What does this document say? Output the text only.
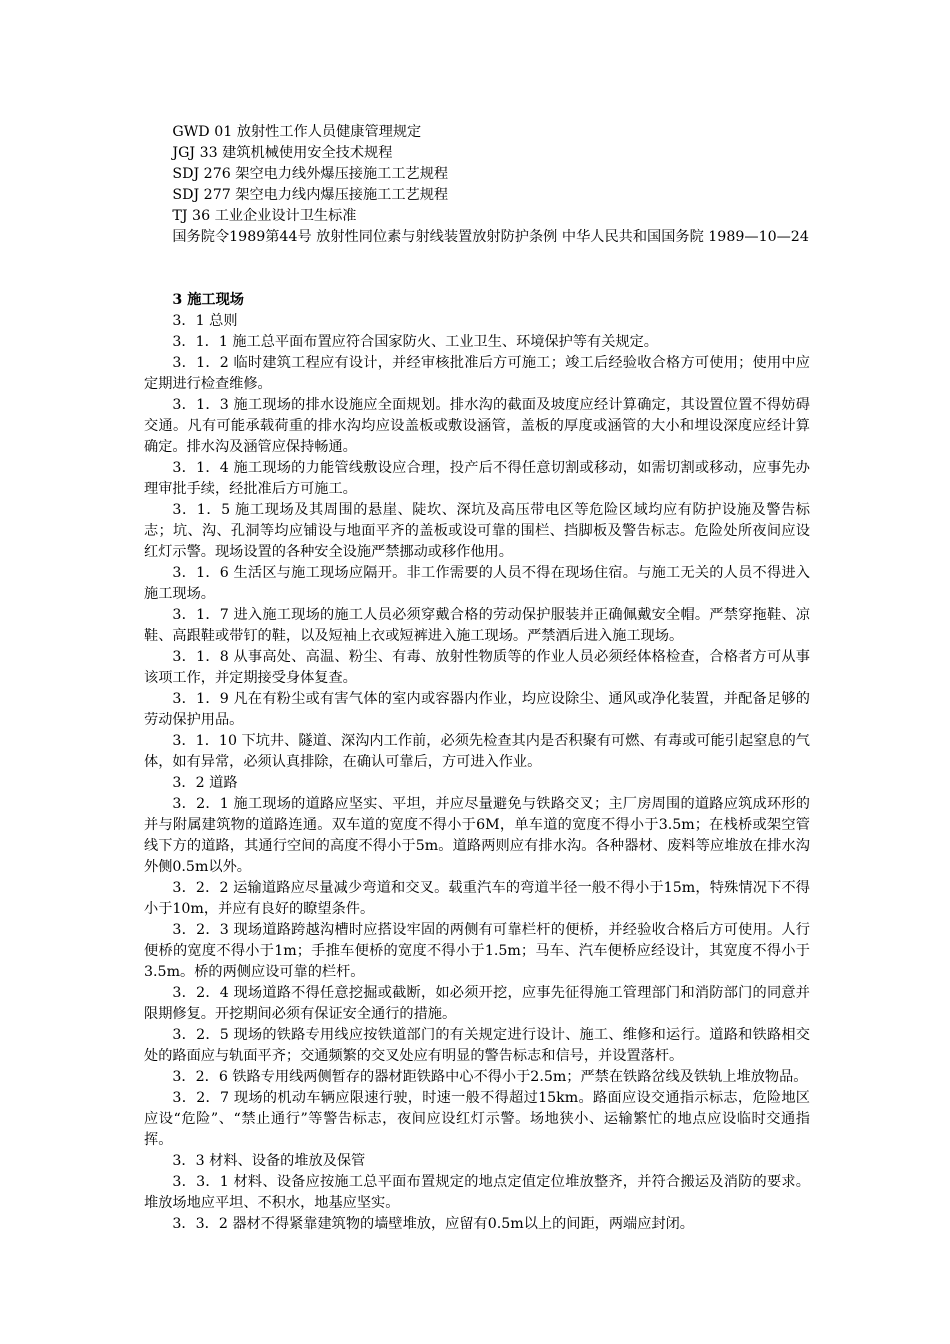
GWD 01 放射性工作人员健康管理规定

JGJ 33 建筑机械使用安全技术规程

SDJ 276 架空电力线外爆压接施工工艺规程

SDJ 277 架空电力线内爆压接施工工艺规程

TJ 36 工业企业设计卫生标准

国务院令1989第44号 放射性同位素与射线装置放射防护条例 中华人民共和国国务院 1989—10—24

3 施工现场

3．1 总则

3．1．1 施工总平面布置应符合国家防火、工业卫生、环境保护等有关规定。

3．1．2 临时建筑工程应有设计，并经审核批准后方可施工；竣工后经验收合格方可使用；使用中应定期进行检查维修。

3．1．3 施工现场的排水设施应全面规划。排水沟的截面及坡度应经计算确定，其设置位置不得妨碍交通。凡有可能承载荷重的排水沟均应设盖板或敷设涵管，盖板的厚度或涵管的大小和埋设深度应经计算确定。排水沟及涵管应保持畅通。

3．1．4 施工现场的力能管线敷设应合理，投产后不得任意切割或移动，如需切割或移动，应事先办理审批手续，经批准后方可施工。

3．1．5 施工现场及其周围的悬崖、陡坎、深坑及高压带电区等危险区域均应有防护设施及警告标志；坑、沟、孔洞等均应铺设与地面平齐的盖板或设可靠的围栏、挡脚板及警告标志。危险处所夜间应设红灯示警。现场设置的各种安全设施严禁挪动或移作他用。

3．1．6 生活区与施工现场应隔开。非工作需要的人员不得在现场住宿。与施工无关的人员不得进入施工现场。

3．1．7 进入施工现场的施工人员必须穿戴合格的劳动保护服装并正确佩戴安全帽。严禁穿拖鞋、凉鞋、高跟鞋或带钉的鞋，以及短袖上衣或短裤进入施工现场。严禁酒后进入施工现场。

3．1．8 从事高处、高温、粉尘、有毒、放射性物质等的作业人员必须经体格检查，合格者方可从事该项工作，并定期接受身体复查。

3．1．9 凡在有粉尘或有害气体的室内或容器内作业，均应设除尘、通风或净化装置，并配备足够的劳动保护用品。

3．1．10 下坑井、隧道、深沟内工作前，必须先检查其内是否积聚有可燃、有毒或可能引起窒息的气体，如有异常，必须认真排除，在确认可靠后，方可进入作业。

3．2 道路

3．2．1 施工现场的道路应坚实、平坦，并应尽量避免与铁路交叉；主厂房周围的道路应筑成环形的并与附属建筑物的道路连通。双车道的宽度不得小于6M，单车道的宽度不得小于3.5m；在栈桥或架空管线下方的道路，其通行空间的高度不得小于5m。道路两则应有排水沟。各种器材、废料等应堆放在排水沟外侧0.5m以外。

3．2．2 运输道路应尽量减少弯道和交叉。载重汽车的弯道半径一般不得小于15m，特殊情况下不得小于10m，并应有良好的瞭望条件。

3．2．3 现场道路跨越沟槽时应搭设牢固的两侧有可靠栏杆的便桥，并经验收合格后方可使用。人行便桥的宽度不得小于1m；手推车便桥的宽度不得小于1.5m；马车、汽车便桥应经设计，其宽度不得小于3.5m。桥的两侧应设可靠的栏杆。

3．2．4 现场道路不得任意挖掘或截断，如必须开挖，应事先征得施工管理部门和消防部门的同意并限期修复。开挖期间必须有保证安全通行的措施。

3．2．5 现场的铁路专用线应按铁道部门的有关规定进行设计、施工、维修和运行。道路和铁路相交处的路面应与轨面平齐；交通频繁的交叉处应有明显的警告标志和信号，并设置落杆。

3．2．6 铁路专用线两侧暂存的器材距铁路中心不得小于2.5m；严禁在铁路岔线及铁轨上堆放物品。

3．2．7 现场的机动车辆应限速行驶，时速一般不得超过15km。路面应设交通指示标志，危险地区应设“危险”、“禁止通行”等警告标志，夜间应设红灯示警。场地狭小、运输繁忙的地点应设临时交通指挥。

3．3 材料、设备的堆放及保管

3．3．1 材料、设备应按施工总平面布置规定的地点定值定位堆放整齐，并符合搬运及消防的要求。堆放场地应平坦、不积水，地基应坚实。

3．3．2 器材不得紧靠建筑物的墙壁堆放，应留有0.5m以上的间距，两端应封闭。
